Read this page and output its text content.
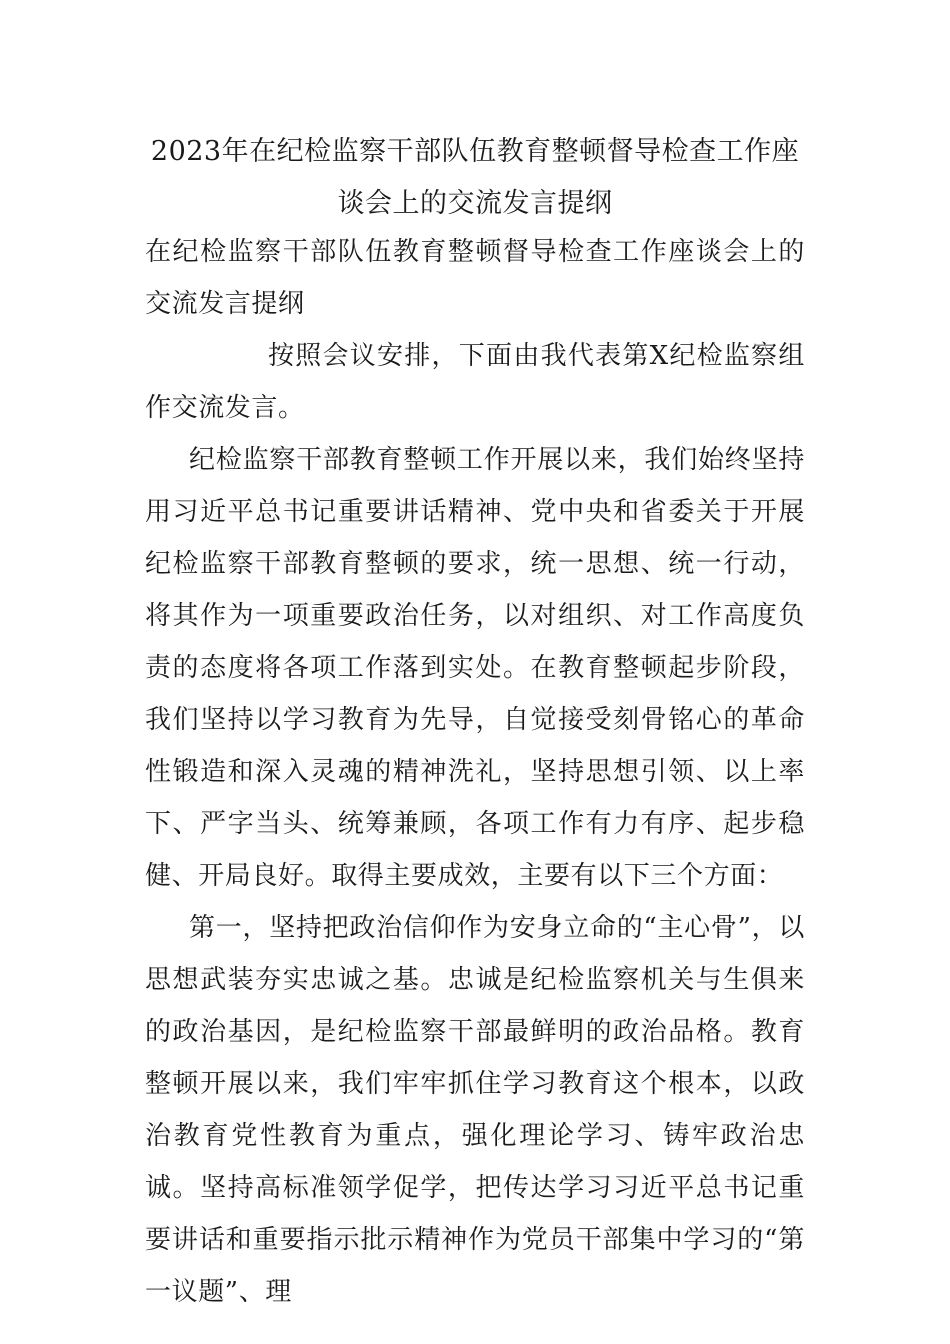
2023年在纪检监察干部队伍教育整顿督导检查工作座谈会上的交流发言提纲

在纪检监察干部队伍教育整顿督导检查工作座谈会上的交流发言提纲

按照会议安排，下面由我代表第X纪检监察组作交流发言。

纪检监察干部教育整顿工作开展以来，我们始终坚持用习近平总书记重要讲话精神、党中央和省委关于开展纪检监察干部教育整顿的要求，统一思想、统一行动，将其作为一项重要政治任务，以对组织、对工作高度负责的态度将各项工作落到实处。在教育整顿起步阶段，我们坚持以学习教育为先导，自觉接受刻骨铭心的革命性锻造和深入灵魂的精神洗礼，坚持思想引领、以上率下、严字当头、统筹兼顾，各项工作有力有序、起步稳健、开局良好。取得主要成效，主要有以下三个方面：

第一，坚持把政治信仰作为安身立命的“主心骨”，以思想武装夯实忠诚之基。忠诚是纪检监察机关与生俱来的政治基因，是纪检监察干部最鲜明的政治品格。教育整顿开展以来，我们牢牢抓住学习教育这个根本，以政治教育党性教育为重点，强化理论学习、铸牢政治忠诚。坚持高标准领学促学，把传达学习习近平总书记重要讲话和重要指示批示精神作为党员干部集中学习的“第一议题”、理
